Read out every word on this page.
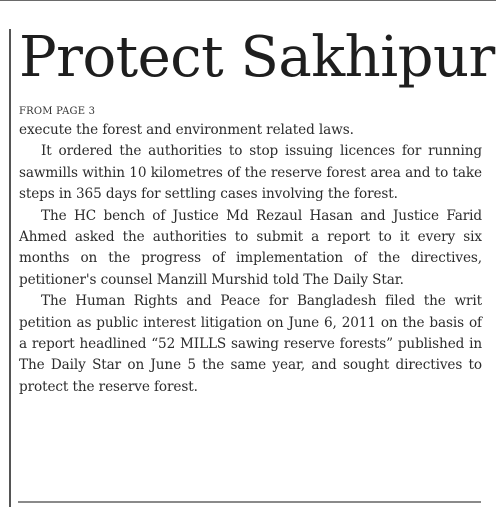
Protect Sakhipur
FROM PAGE 3

execute the forest and environment related laws.

It ordered the authorities to stop issuing licences for running sawmills within 10 kilometres of the reserve forest area and to take steps in 365 days for settling cases involving the forest.

The HC bench of Justice Md Rezaul Hasan and Justice Farid Ahmed asked the authorities to submit a report to it every six months on the progress of implementation of the directives, petitioner's counsel Manzill Murshid told The Daily Star.

The Human Rights and Peace for Bangladesh filed the writ petition as public interest litigation on June 6, 2011 on the basis of a report headlined “52 MILLS sawing reserve forests” published in The Daily Star on June 5 the same year, and sought directives to protect the reserve forest.
